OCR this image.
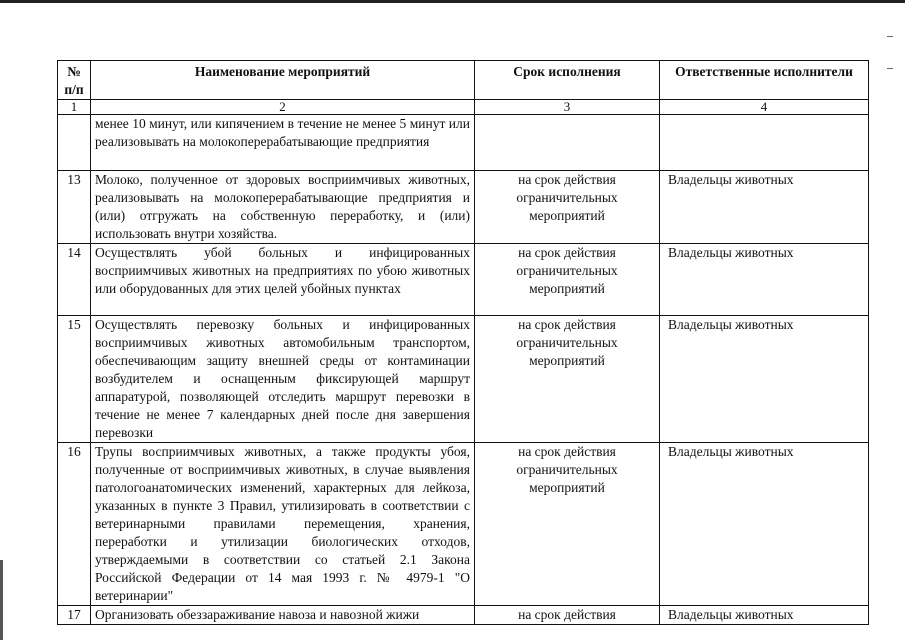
№ п/п	Наименование мероприятий	Срок исполнения	Ответственные исполнители
1	2	3	4
	менее 10 минут, или кипячением в течение не менее 5 минут или реализовывать на молокоперерабатывающие предприятия		
13	Молоко, полученное от здоровых восприимчивых животных, реализовывать на молокоперерабатывающие предприятия и (или) отгружать на собственную переработку, и (или) использовать внутри хозяйства.	на срок действия ограничительных мероприятий	Владельцы животных
14	Осуществлять убой больных и инфицированных восприимчивых животных на предприятиях по убою животных или оборудованных для этих целей убойных пунктах	на срок действия ограничительных мероприятий	Владельцы животных
15	Осуществлять перевозку больных и инфицированных восприимчивых животных автомобильным транспортом, обеспечивающим защиту внешней среды от контаминации возбудителем и оснащенным фиксирующей маршрут аппаратурой, позволяющей отследить маршрут перевозки в течение не менее 7 календарных дней после дня завершения перевозки	на срок действия ограничительных мероприятий	Владельцы животных
16	Трупы восприимчивых животных, а также продукты убоя, полученные от восприимчивых животных, в случае выявления патологоанатомических изменений, характерных для лейкоза, указанных в пункте 3 Правил, утилизировать в соответствии с ветеринарными правилами перемещения, хранения, переработки и утилизации биологических отходов, утверждаемыми в соответствии со статьей 2.1 Закона Российской Федерации от 14 мая 1993 г. № 4979-1 "О ветеринарии"	на срок действия ограничительных мероприятий	Владельцы животных
17	Организовать обеззараживание навоза и навозной жижи	на срок действия	Владельцы животных
